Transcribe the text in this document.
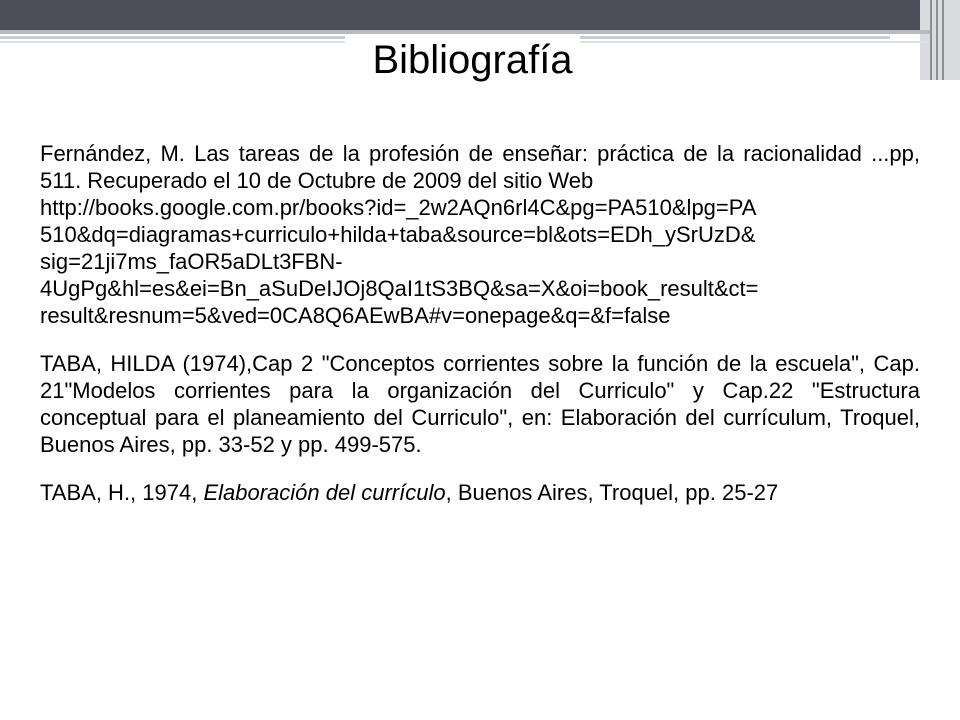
Bibliografía

Fernández, M. Las tareas de la profesión de enseñar: práctica de la racionalidad ...pp, 511. Recuperado el 10 de Octubre de 2009 del sitio Web
http://books.google.com.pr/books?id=_2w2AQn6rl4C&pg=PA510&lpg=PA
510&dq=diagramas+curriculo+hilda+taba&source=bl&ots=EDh_ySrUzD&
sig=21ji7ms_faOR5aDLt3FBN-
4UgPg&hl=es&ei=Bn_aSuDeIJOj8QaI1tS3BQ&sa=X&oi=book_result&ct=
result&resnum=5&ved=0CA8Q6AEwBA#v=onepage&q=&f=false

TABA, HILDA (1974),Cap 2 "Conceptos corrientes sobre la función de la escuela", Cap. 21"Modelos corrientes para la organización del Curriculo" y Cap.22 "Estructura conceptual para el planeamiento del Curriculo", en: Elaboración del currículum, Troquel, Buenos Aires, pp. 33-52 y pp. 499-575.

TABA, H., 1974, Elaboración del currículo, Buenos Aires, Troquel, pp. 25-27
